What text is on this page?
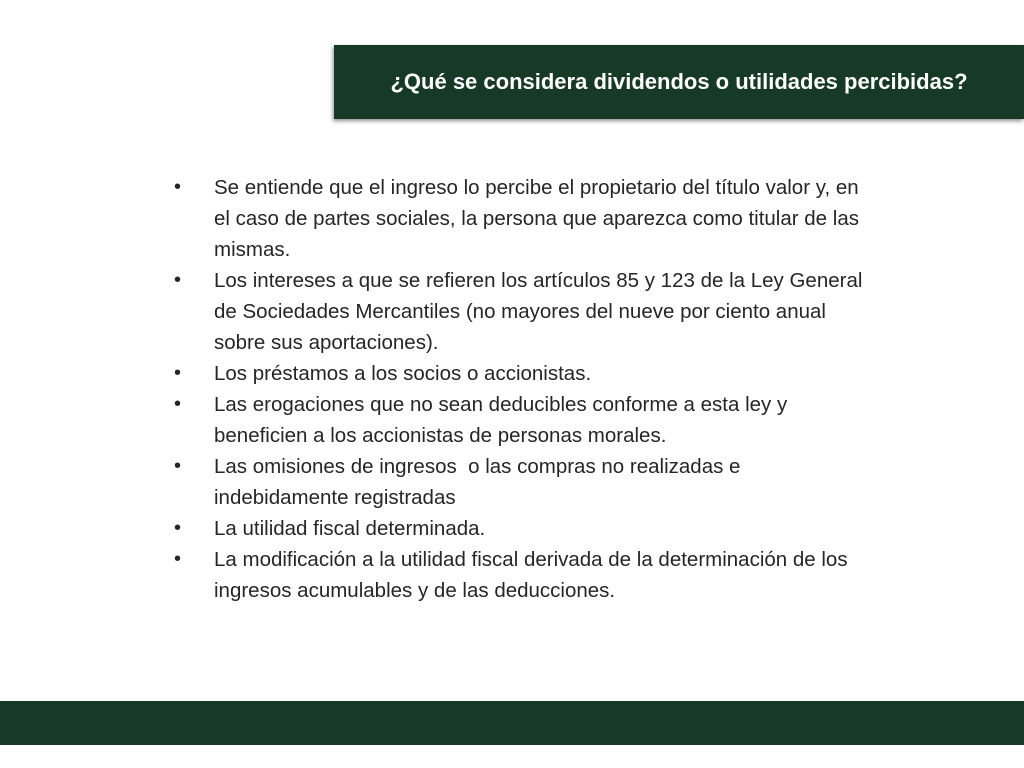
¿Qué se considera dividendos o utilidades percibidas?
• Se entiende que el ingreso lo percibe el propietario del título valor y, en el caso de partes sociales, la persona que aparezca como titular de las mismas.
• Los intereses a que se refieren los artículos 85 y 123 de la Ley General de Sociedades Mercantiles (no mayores del nueve por ciento anual sobre sus aportaciones).
• Los préstamos a los socios o accionistas.
• Las erogaciones que no sean deducibles conforme a esta ley y beneficien a los accionistas de personas morales.
• Las omisiones de ingresos  o las compras no realizadas e indebidamente registradas
• La utilidad fiscal determinada.
• La modificación a la utilidad fiscal derivada de la determinación de los ingresos acumulables y de las deducciones.
